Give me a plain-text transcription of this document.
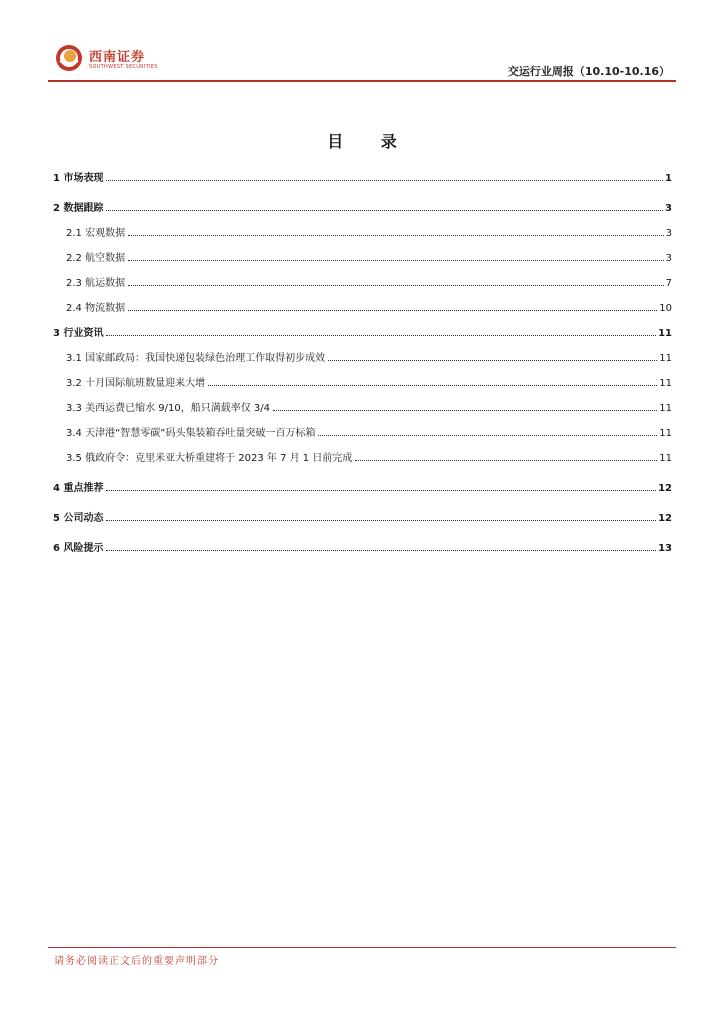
西南证券
SOUTHWEST SECURITIES	交运行业周报（10.10-10.16）
目 录
1 市场表现	1
2 数据跟踪	3
2.1 宏观数据	3
2.2 航空数据	3
2.3 航运数据	7
2.4 物流数据	10
3 行业资讯	11
3.1 国家邮政局：我国快递包装绿色治理工作取得初步成效	11
3.2 十月国际航班数量迎来大增	11
3.3 美西运费已缩水 9/10，船只满载率仅 3/4	11
3.4 天津港“智慧零碳”码头集装箱吞吐量突破一百万标箱	11
3.5 俄政府令：克里米亚大桥重建将于 2023 年 7 月 1 日前完成	11
4 重点推荐	12
5 公司动态	12
6 风险提示	13
请务必阅读正文后的重要声明部分
